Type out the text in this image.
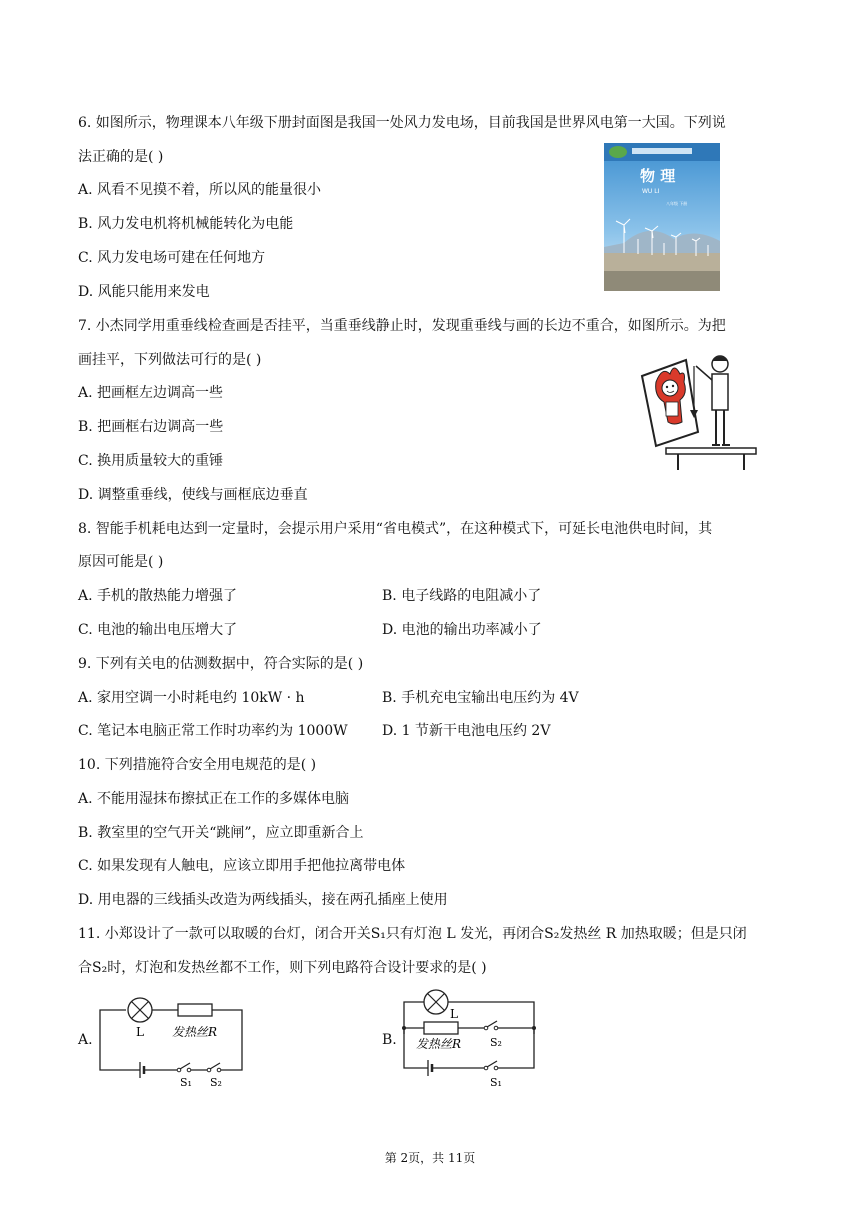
6. 如图所示，物理课本八年级下册封面图是我国一处风力发电场，目前我国是世界风电第一大国。下列说
法正确的是( )
A. 风看不见摸不着，所以风的能量很小
B. 风力发电机将机械能转化为电能
C. 风力发电场可建在任何地方
D. 风能只能用来发电
物 理
WU LI
八年级 下册
7. 小杰同学用重垂线检查画是否挂平，当重垂线静止时，发现重垂线与画的长边不重合，如图所示。为把
画挂平，下列做法可行的是( )
A. 把画框左边调高一些
B. 把画框右边调高一些
C. 换用质量较大的重锤
D. 调整重垂线，使线与画框底边垂直
8. 智能手机耗电达到一定量时，会提示用户采用“省电模式”，在这种模式下，可延长电池供电时间，其
原因可能是( )
A. 手机的散热能力增强了	B. 电子线路的电阻减小了
C. 电池的输出电压增大了	D. 电池的输出功率减小了
9. 下列有关电的估测数据中，符合实际的是( )
A. 家用空调一小时耗电约 10kW · h	B. 手机充电宝输出电压约为 4V
C. 笔记本电脑正常工作时功率约为 1000W D. 1 节新干电池电压约 2V
10. 下列措施符合安全用电规范的是( )
A. 不能用湿抹布擦拭正在工作的多媒体电脑
B. 教室里的空气开关“跳闸”，应立即重新合上
C. 如果发现有人触电，应该立即用手把他拉离带电体
D. 用电器的三线插头改造为两线插头，接在两孔插座上使用
11. 小郑设计了一款可以取暖的台灯，闭合开关S₁只有灯泡 L 发光，再闭合S₂发热丝 R 加热取暖；但是只闭
合S₂时，灯泡和发热丝都不工作，则下列电路符合设计要求的是( )
A.	L 发热丝R
S₁ S₂
B.
L
发热丝R	S₂
S₁
第 2页，共 11页
